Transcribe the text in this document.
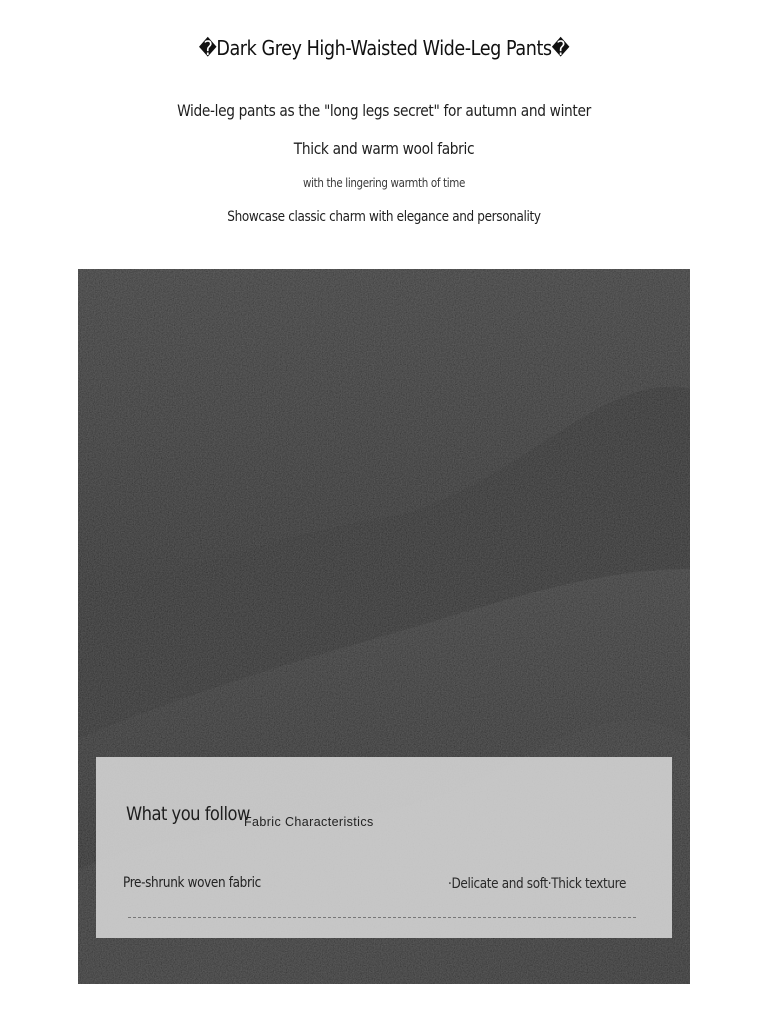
�Dark Grey High-Waisted Wide-Leg Pants�
Wide-leg pants as the "long legs secret" for autumn and winter
Thick and warm wool fabric
with the lingering warmth of time
Showcase classic charm with elegance and personality
What you follow
Fabric Characteristics
Pre-shrunk woven fabric	·Delicate and soft·Thick texture
